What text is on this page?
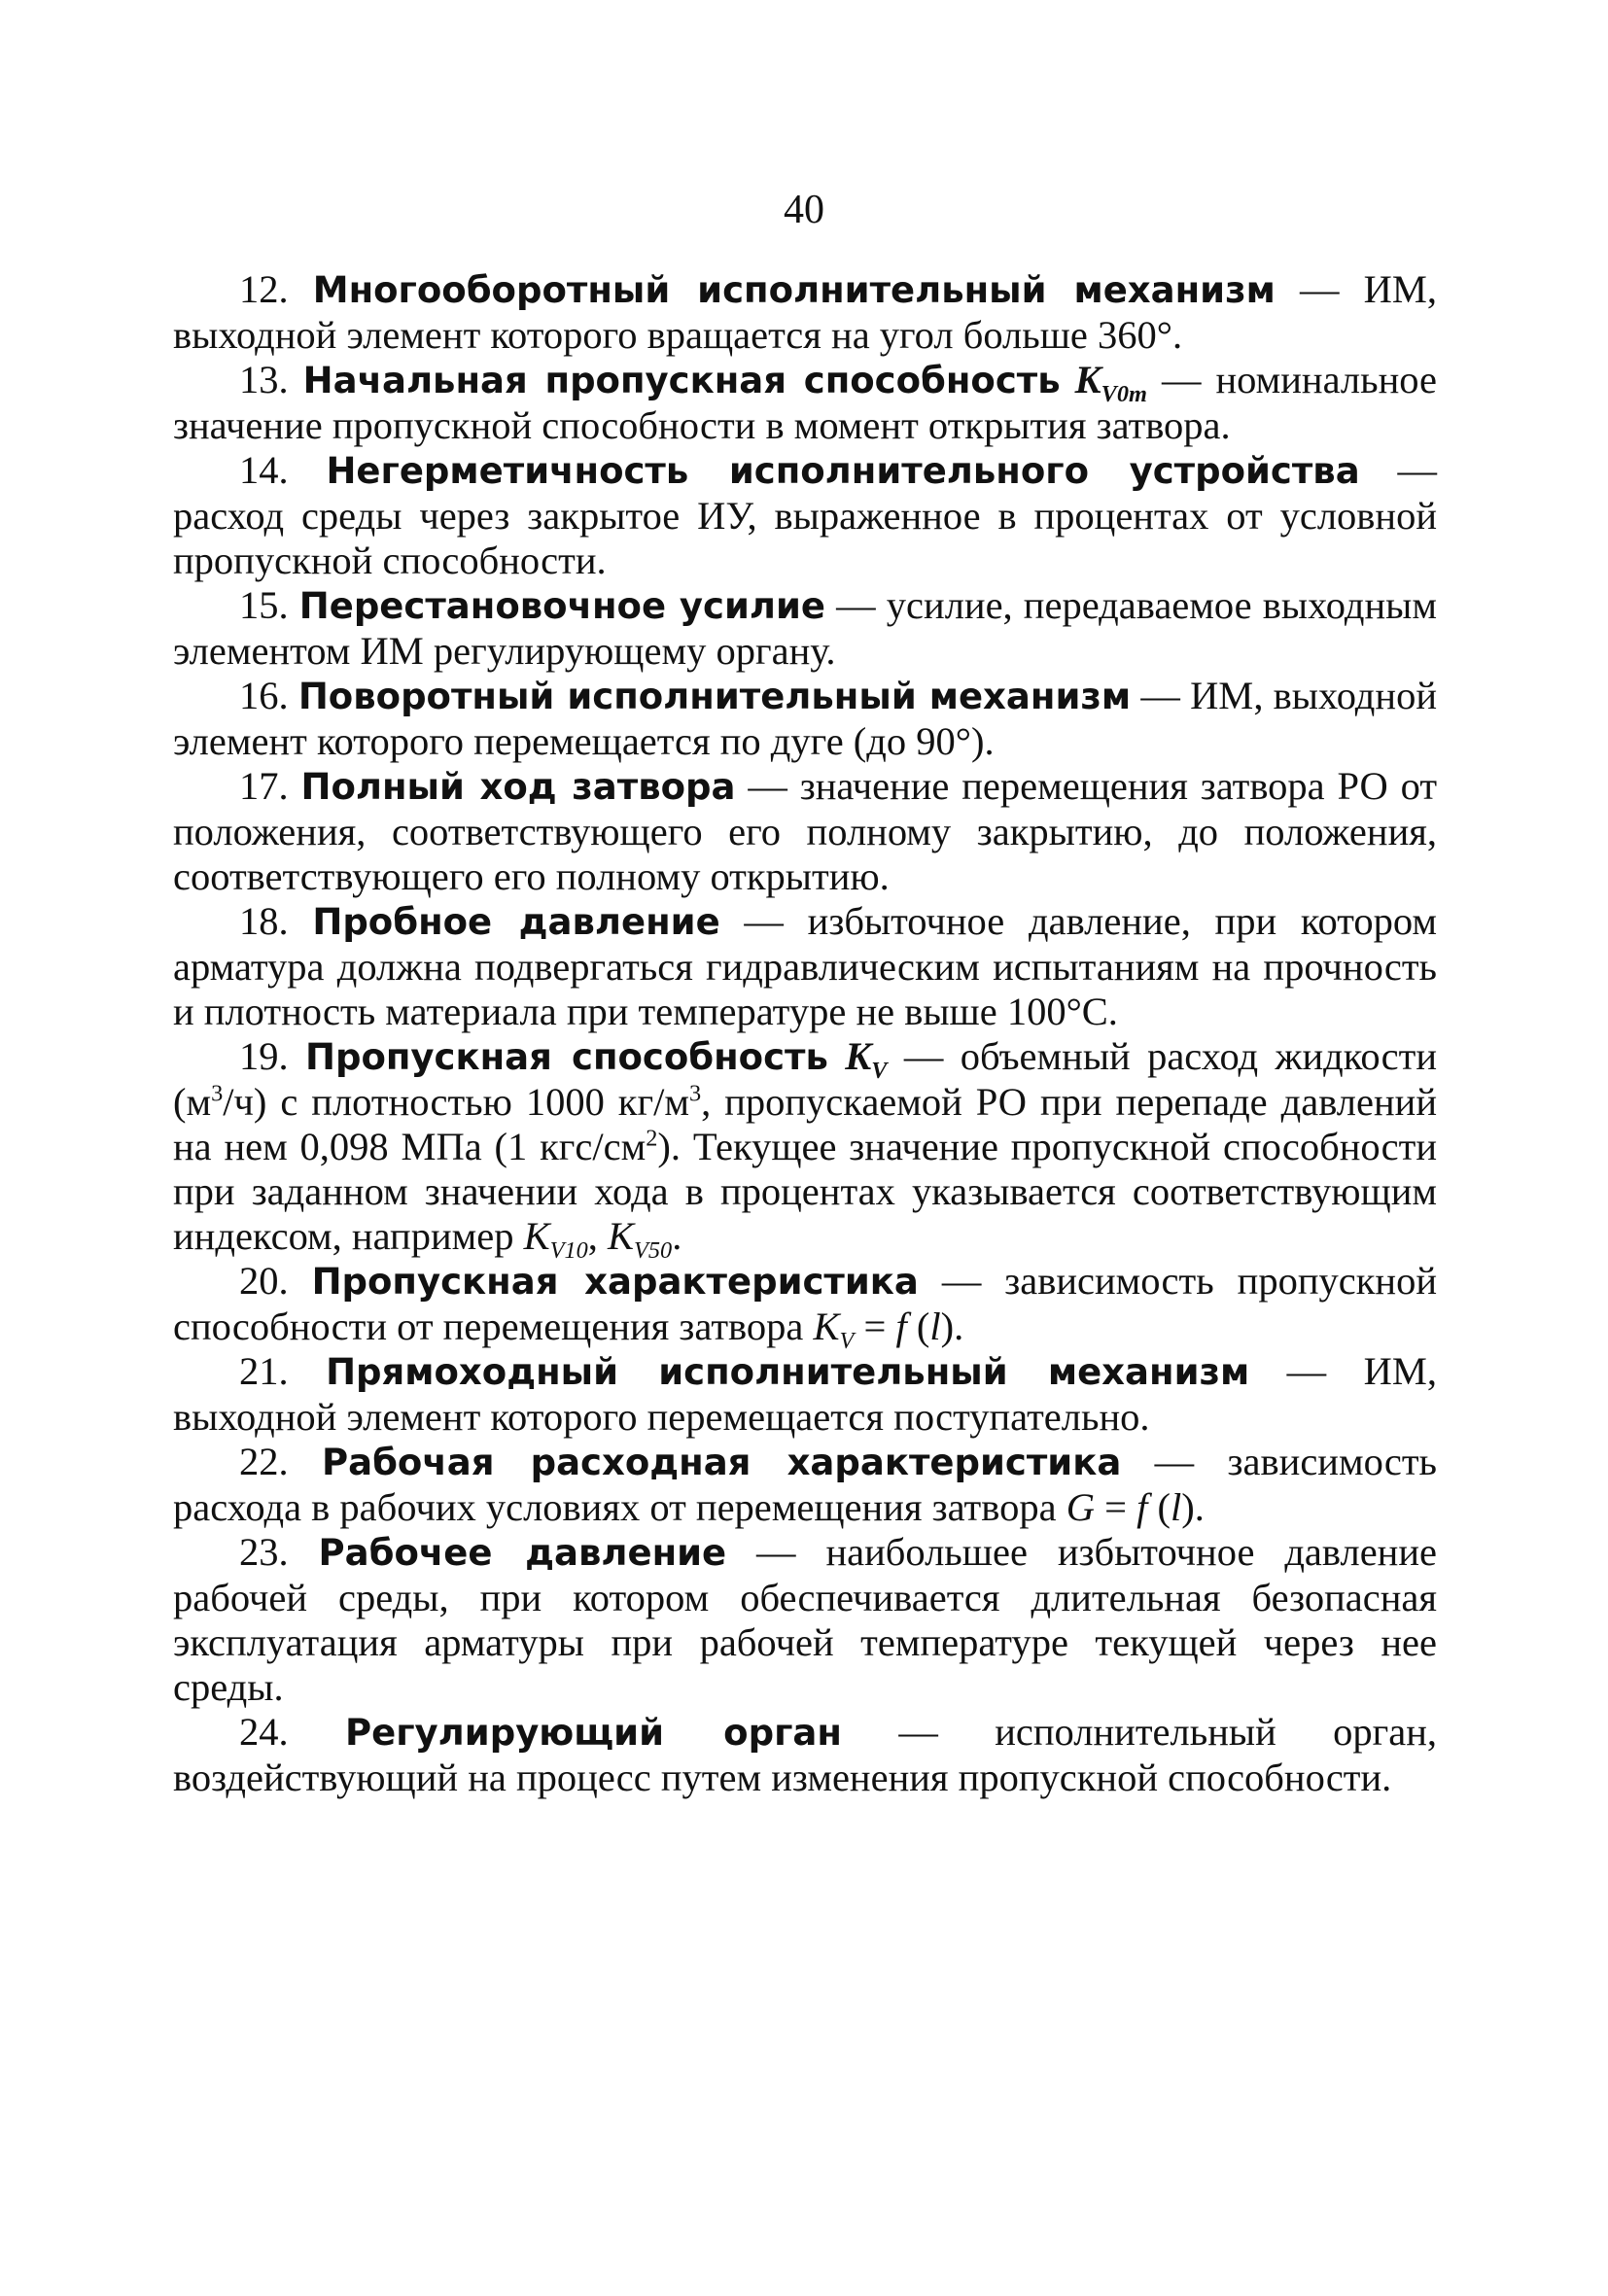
40

12. Многооборотный исполнительный механизм — ИМ, выходной элемент которого вращается на угол больше 360°.

13. Начальная пропускная способность $K_{V0m}$ — номинальное значение пропускной способности в момент открытия затвора.

14. Негерметичность исполнительного устройства — расход среды через закрытое ИУ, выраженное в процентах от условной пропускной способности.

15. Перестановочное усилие — усилие, передаваемое выходным элементом ИМ регулирующему органу.

16. Поворотный исполнительный механизм — ИМ, выходной элемент которого перемещается по дуге (до 90°).

17. Полный ход затвора — значение перемещения затвора РО от положения, соответствующего его полному закрытию, до положения, соответствующего его полному открытию.

18. Пробное давление — избыточное давление, при котором арматура должна подвергаться гидравлическим испытаниям на прочность и плотность материала при температуре не выше 100°С.

19. Пропускная способность $K_V$ — объемный расход жидкости $(м^3/ч)$ с плотностью 1000 $кг/м^3$, пропускаемой РО при перепаде давлений на нем 0,098 МПа (1 кгс/$см^2$). Текущее значение пропускной способности при заданном значении хода в процентах указывается соответствующим индексом, например $K_{V10}$, $K_{V50}$.

20. Пропускная характеристика — зависимость пропускной способности от перемещения затвора $K_V = f$ (l).

21. Прямоходный исполнительный механизм — ИМ, выходной элемент которого перемещается поступательно.

22. Рабочая расходная характеристика — зависимость расхода в рабочих условиях от перемещения затвора G = f (l).

23. Рабочее давление — наибольшее избыточное давление рабочей среды, при котором обеспечивается длительная безопасная эксплуатация арматуры при рабочей температуре текущей через нее среды.

24. Регулирующий орган — исполнительный орган, воздействующий на процесс путем изменения пропускной способности.
